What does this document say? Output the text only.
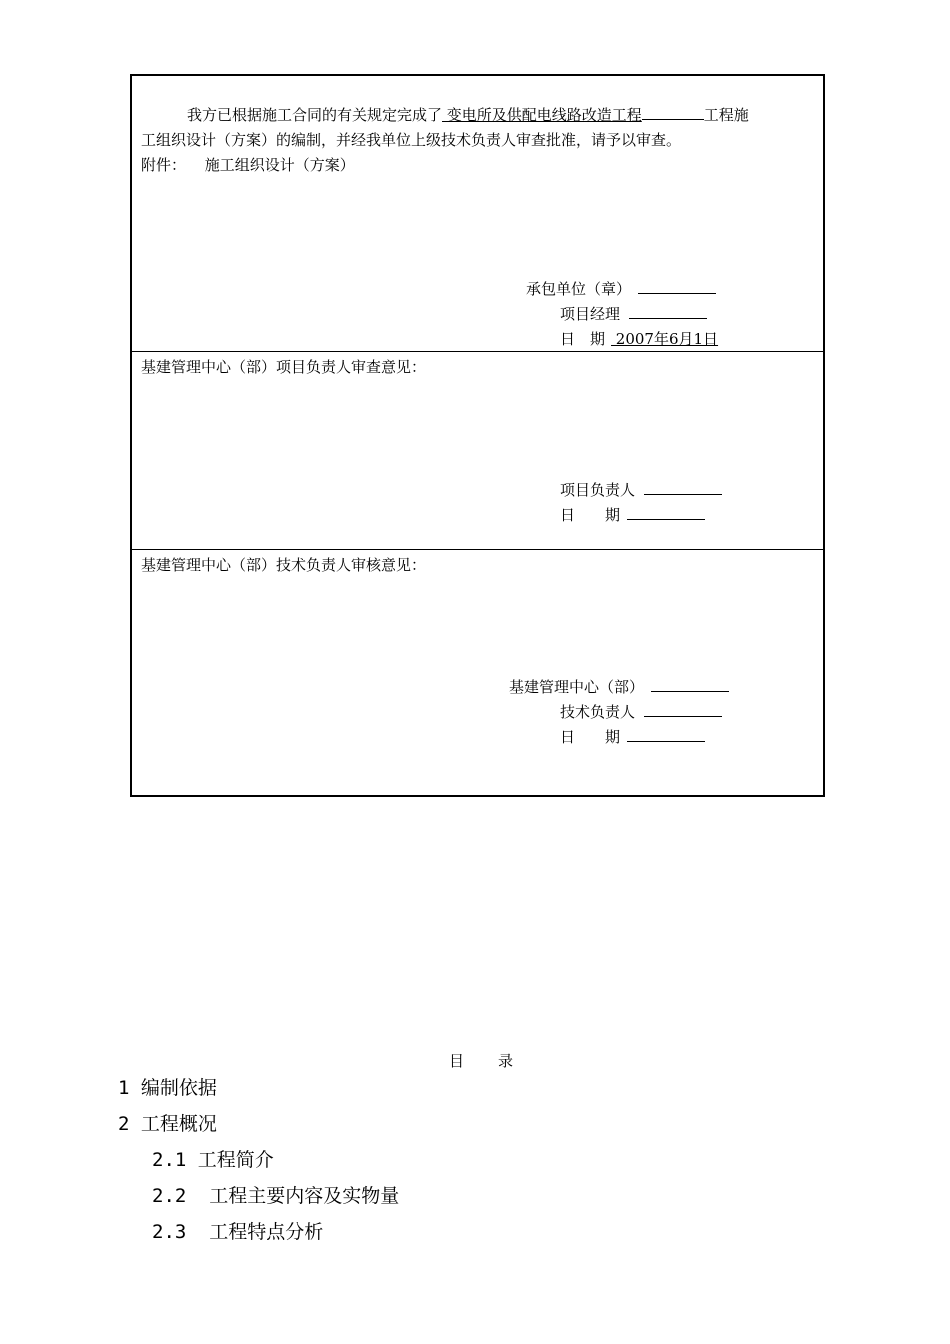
我方已根据施工合同的有关规定完成了 变电所及供配电线路改造工程	工程施
工组织设计（方案）的编制，并经我单位上级技术负责人审查批准，请予以审查。
附件： 施工组织设计（方案）
承包单位（章）
项目经理
日　期 2007年6月1日
基建管理中心（部）项目负责人审查意见：
项目负责人
日　　期
基建管理中心（部）技术负责人审核意见：
基建管理中心（部）
技术负责人
日　　期
目 录
1 编制依据
2 工程概况
2.1 工程简介
2.2  工程主要内容及实物量
2.3  工程特点分析
